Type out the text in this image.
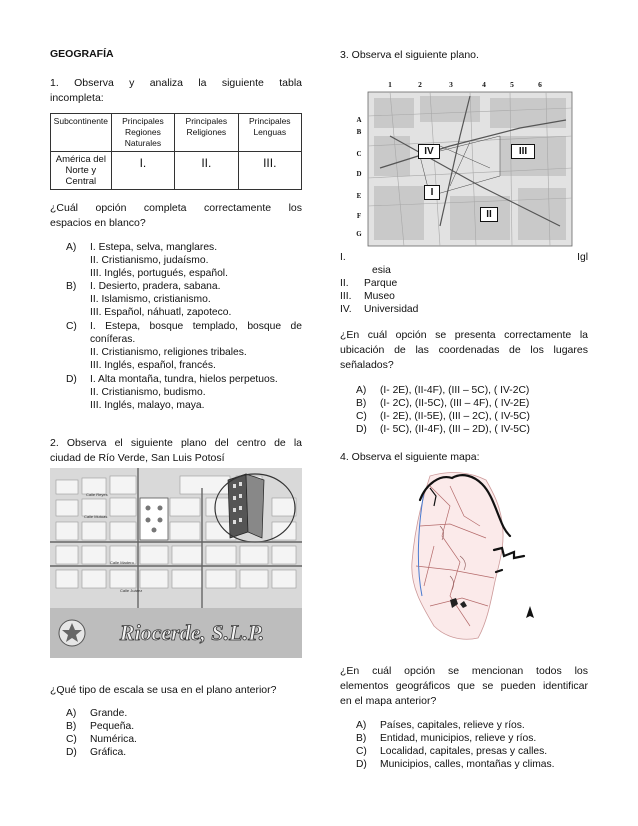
GEOGRAFÍA
1. Observa y analiza la siguiente tabla
incompleta:
Subcontinente	Principales Regiones Naturales	Principales Religiones	Principales Lenguas
América del Norte y Central	I.	II.	III.
¿Cuál opción completa correctamente los
espacios en blanco?
A)	I. Estepa, selva, manglares.
II. Cristianismo, judaísmo.
III. Inglés, portugués, español.
B)	I. Desierto, pradera, sabana.
II. Islamismo, cristianismo.
III. Español, náhuatl, zapoteco.
C)	I. Estepa, bosque templado, bosque de
coníferas.
II. Cristianismo, religiones tribales.
III. Inglés, español, francés.
D)	I. Alta montaña, tundra, hielos perpetuos.
II. Cristianismo, budismo.
III. Inglés, malayo, maya.
2. Observa el siguiente plano del centro de la
ciudad de Río Verde, San Luis Potosí
Riocerde, S.L.P.
Calle Reyes
Calle Mutuas
Calle Madero
Calle Juárez
¿Qué tipo de escala se usa en el plano anterior?
A)	Grande.
B)	Pequeña.
C)	Numérica.
D)	Gráfica.
3. Observa el siguiente plano.
1	2	3	4	5	6
A
B
C
D
E
F
G
IV	III
I
II
I.	Igl
esia
II.	Parque
III.	Museo
IV.	Universidad
¿En cuál opción se presenta correctamente la
ubicación de las coordenadas de los lugares
señalados?
A)	(I- 2E), (II-4F), (III – 5C), ( IV-2C)
B)	(I- 2C), (II-5C), (III – 4F), ( IV-2E)
C)	(I- 2E), (II-5E), (III – 2C), ( IV-5C)
D)	(I- 5C), (II-4F), (III – 2D), ( IV-5C)
4. Observa el siguiente mapa:
¿En cuál opción se mencionan todos los
elementos geográficos que se pueden identificar
en el mapa anterior?
A)	Países, capitales, relieve y ríos.
B)	Entidad, municipios, relieve y ríos.
C)	Localidad, capitales, presas y calles.
D)	Municipios, calles, montañas y climas.
